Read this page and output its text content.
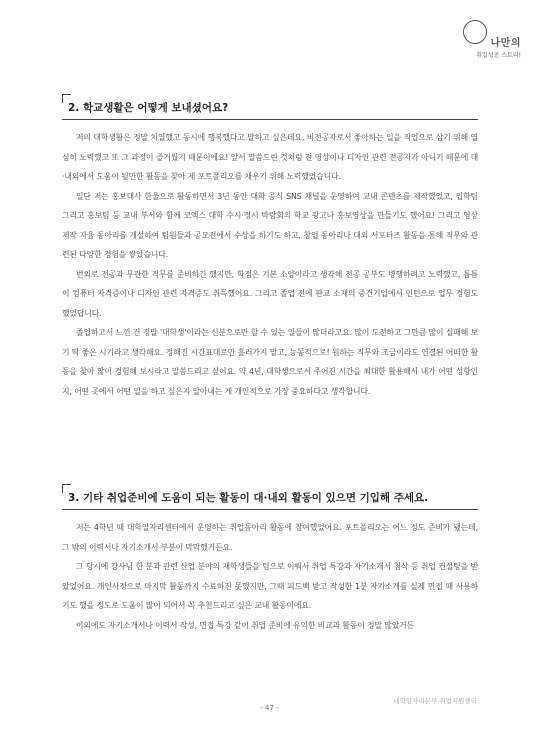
나만의
취업성공 스토리!
2. 학교생활은 어떻게 보내셨어요?

저의 대학생활은 정말 치열했고 동시에 행복했다고 말하고 싶은데요, 비전공자로서 좋아하는 일을 직업으로 삼기 위해 열심히 노력했고 또 그 과정이 즐거웠기 때문이에요! 앞서 말씀드린 것처럼 전 영상이나 디자인 관련 전공자가 아니기 때문에 대·내외에서 도움이 될만한 활동을 찾아 제 포트폴리오를 채우기 위해 노력했었습니다.

일단 저는 홍보대사 한울으로 활동하면서 3년 동안 대학 공식 SNS 채널을 운영하여 교내 콘텐츠를 제작했었고, 입학팀 그리고 홍보팀 등 교내 부서와 함께 코엑스 대학 수시·정시 박람회의 학교 광고나 홍보영상을 만들기도 했어요! 그리고 영상 제작 자율 동아리를 개설하여 팀원들과 공모전에서 수상을 하기도 하고, 창업 동아리나 대외 서포터즈 활동을 통해 직무와 관련된 다양한 경험을 쌓았습니다.

번외로 전공과 무관한 직무를 준비하긴 했지만, 학점은 기본 소양이라고 생각해 전공 공부도 병행하려고 노력했고, 틈틈이 컴퓨터 자격증이나 디자인 관련 자격증도 취득했어요. 그리고 졸업 전에 판교 소재의 중견기업에서 인턴으로 업무 경험도 했었답니다.

졸업하고서 느낀 건 정말 '대학생'이라는 신분으로만 할 수 있는 일들이 많더라고요. 많이 도전하고 그만큼 많이 실패해 보기 딱 좋은 시기라고 생각해요. 정해진 시간표대로만 흘러가지 말고, 능동적으로! 원하는 직무와 조금이라도 연결된 어떠한 활동을 찾아 많이 경험해 보시라고 말씀드리고 싶어요. 약 4년, 대학생으로서 주어진 시간을 최대한 활용해서 내가 어떤 성향인지, 어떤 곳에서 어떤 일을 하고 싶은지 알아내는 게 개인적으로 가장 중요하다고 생각합니다.

3. 기타 취업준비에 도움이 되는 활동이 대·내외 활동이 있으면 기입해 주세요.

저는 4학년 때 대학일자리센터에서 운영하는 취업동아리 활동에 참여했었어요. 포트폴리오는 어느 정도 준비가 됐는데, 그 밖의 이력서나 자기소개서 부분이 막막했거든요.

그 당시에 강사님 한 분과 관련 산업 분야의 재학생들을 팀으로 이뤄서 취업 특강과 자기소개서 첨삭 등 취업 컨설팅을 받았었어요. 개인사정으로 마지막 활동까지 수료하진 못했지만, 그때 피드백 받고 작성한 1분 자기소개를 실제 면접 때 사용하기도 했을 정도로 도움이 많이 되어서 꼭 추천드리고 싶은 교내 활동이에요.

이외에도 자기소개서나 이력서 작성, 면접 특강 같이 취업 준비에 유익한 비교과 활동이 정말 많았거든

대학일자리본부 취업지원센터
- 47 -
